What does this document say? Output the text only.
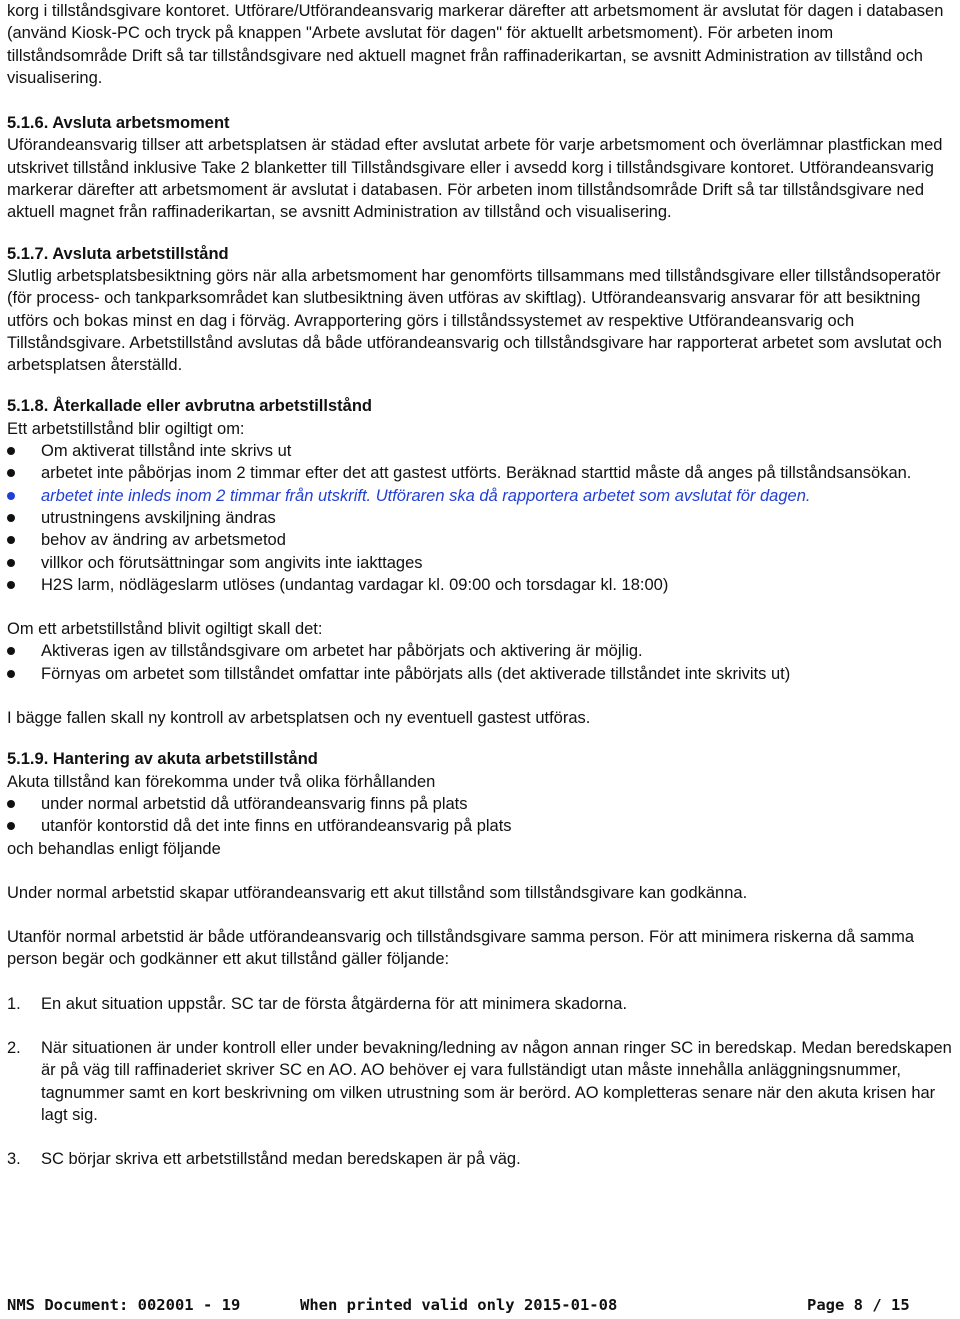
korg i tillståndsgivare kontoret. Utförare/Utförandeansvarig markerar därefter att arbetsmoment är avslutat för dagen i databasen (använd Kiosk-PC och tryck på knappen "Arbete avslutat för dagen" för aktuellt arbetsmoment). För arbeten inom tillståndsområde Drift så tar tillståndsgivare ned aktuell magnet från raffinaderikartan, se avsnitt Administration av tillstånd och visualisering.

5.1.6. Avsluta arbetsmoment

Uförandeansvarig tillser att arbetsplatsen är städad efter avslutat arbete för varje arbetsmoment och överlämnar plastfickan med utskrivet tillstånd inklusive Take 2 blanketter till Tillståndsgivare eller i avsedd korg i tillståndsgivare kontoret. Utförandeansvarig markerar därefter att arbetsmoment är avslutat i databasen. För arbeten inom tillståndsområde Drift så tar tillståndsgivare ned aktuell magnet från raffinaderikartan, se avsnitt Administration av tillstånd och visualisering.

5.1.7. Avsluta arbetstillstånd

Slutlig arbetsplatsbesiktning görs när alla arbetsmoment har genomförts tillsammans med tillståndsgivare eller tillståndsoperatör (för process- och tankparksområdet kan slutbesiktning även utföras av skiftlag). Utförandeansvarig ansvarar för att besiktning utförs och bokas minst en dag i förväg. Avrapportering görs i tillståndssystemet av respektive Utförandeansvarig och Tillståndsgivare. Arbetstillstånd avslutas då både utförandeansvarig och tillståndsgivare har rapporterat arbetet som avslutat och arbetsplatsen återställd.

5.1.8. Återkallade eller avbrutna arbetstillstånd

Ett arbetstillstånd blir ogiltigt om:

Om aktiverat tillstånd inte skrivs ut
arbetet inte påbörjas inom 2 timmar efter det att gastest utförts. Beräknad starttid måste då anges på tillståndsansökan.
arbetet inte inleds inom 2 timmar från utskrift. Utföraren ska då rapportera arbetet som avslutat för dagen.
utrustningens avskiljning ändras
behov av ändring av arbetsmetod
villkor och förutsättningar som angivits inte iakttages
H2S larm, nödlägeslarm utlöses (undantag vardagar kl. 09:00 och torsdagar kl. 18:00)

Om ett arbetstillstånd blivit ogiltigt skall det:

Aktiveras igen av tillståndsgivare om arbetet har påbörjats och aktivering är möjlig.
Förnyas om arbetet som tillståndet omfattar inte påbörjats alls (det aktiverade tillståndet inte skrivits ut)

I bägge fallen skall ny kontroll av arbetsplatsen och ny eventuell gastest utföras.

5.1.9. Hantering av akuta arbetstillstånd

Akuta tillstånd kan förekomma under två olika förhållanden

under normal arbetstid då utförandeansvarig finns på plats
utanför kontorstid då det inte finns en utförandeansvarig på plats

och behandlas enligt följande

Under normal arbetstid skapar utförandeansvarig ett akut tillstånd som tillståndsgivare kan godkänna.

Utanför normal arbetstid är både utförandeansvarig och tillståndsgivare samma person. För att minimera riskerna då samma person begär och godkänner ett akut tillstånd gäller följande:

1. En akut situation uppstår. SC tar de första åtgärderna för att minimera skadorna.
2. När situationen är under kontroll eller under bevakning/ledning av någon annan ringer SC in beredskap. Medan beredskapen är på väg till raffinaderiet skriver SC en AO. AO behöver ej vara fullständigt utan måste innehålla anläggningsnummer, tagnummer samt en kort beskrivning om vilken utrustning som är berörd. AO kompletteras senare när den akuta krisen har lagt sig.
3. SC börjar skriva ett arbetstillstånd medan beredskapen är på väg.
NMS Document: 002001 - 19	When printed valid only 2015-01-08	Page 8 / 15
